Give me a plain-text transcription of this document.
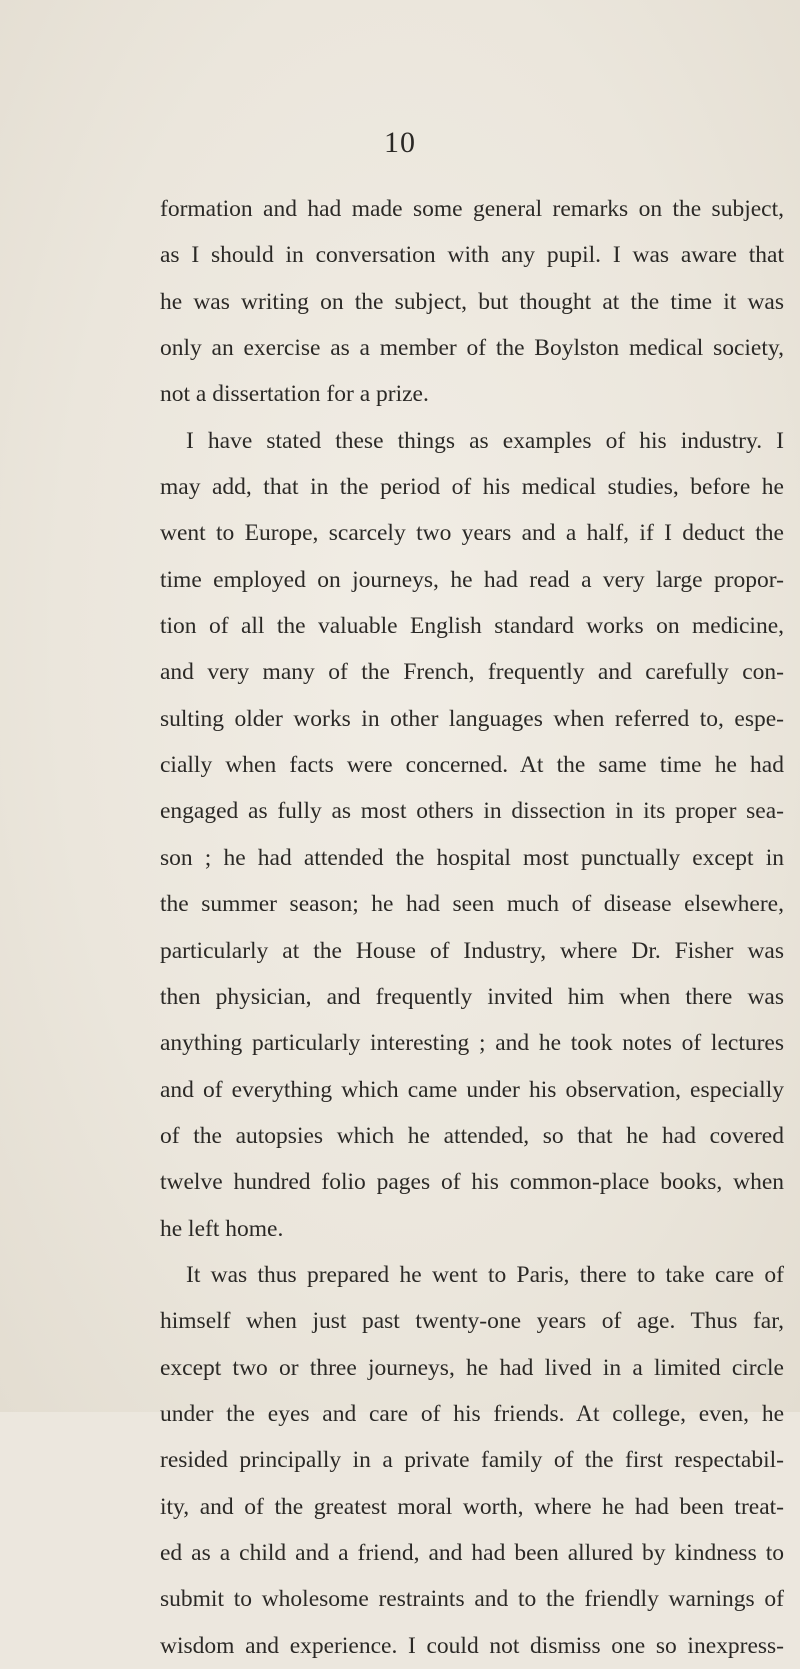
10
formation and had made some general remarks on the subject,
as I should in conversation with any pupil. I was aware that
he was writing on the subject, but thought at the time it was
only an exercise as a member of the Boylston medical society,
not a dissertation for a prize.
I have stated these things as examples of his industry. I
may add, that in the period of his medical studies, before he
went to Europe, scarcely two years and a half, if I deduct the
time employed on journeys, he had read a very large propor-
tion of all the valuable English standard works on medicine,
and very many of the French, frequently and carefully con-
sulting older works in other languages when referred to, espe-
cially when facts were concerned. At the same time he had
engaged as fully as most others in dissection in its proper sea-
son ; he had attended the hospital most punctually except in
the summer season; he had seen much of disease elsewhere,
particularly at the House of Industry, where Dr. Fisher was
then physician, and frequently invited him when there was
anything particularly interesting ; and he took notes of lectures
and of everything which came under his observation, especially
of the autopsies which he attended, so that he had covered
twelve hundred folio pages of his common-place books, when
he left home.
It was thus prepared he went to Paris, there to take care of
himself when just past twenty-one years of age. Thus far,
except two or three journeys, he had lived in a limited circle
under the eyes and care of his friends. At college, even, he
resided principally in a private family of the first respectabil-
ity, and of the greatest moral worth, where he had been treat-
ed as a child and a friend, and had been allured by kindness to
submit to wholesome restraints and to the friendly warnings of
wisdom and experience. I could not dismiss one so inexpress-
